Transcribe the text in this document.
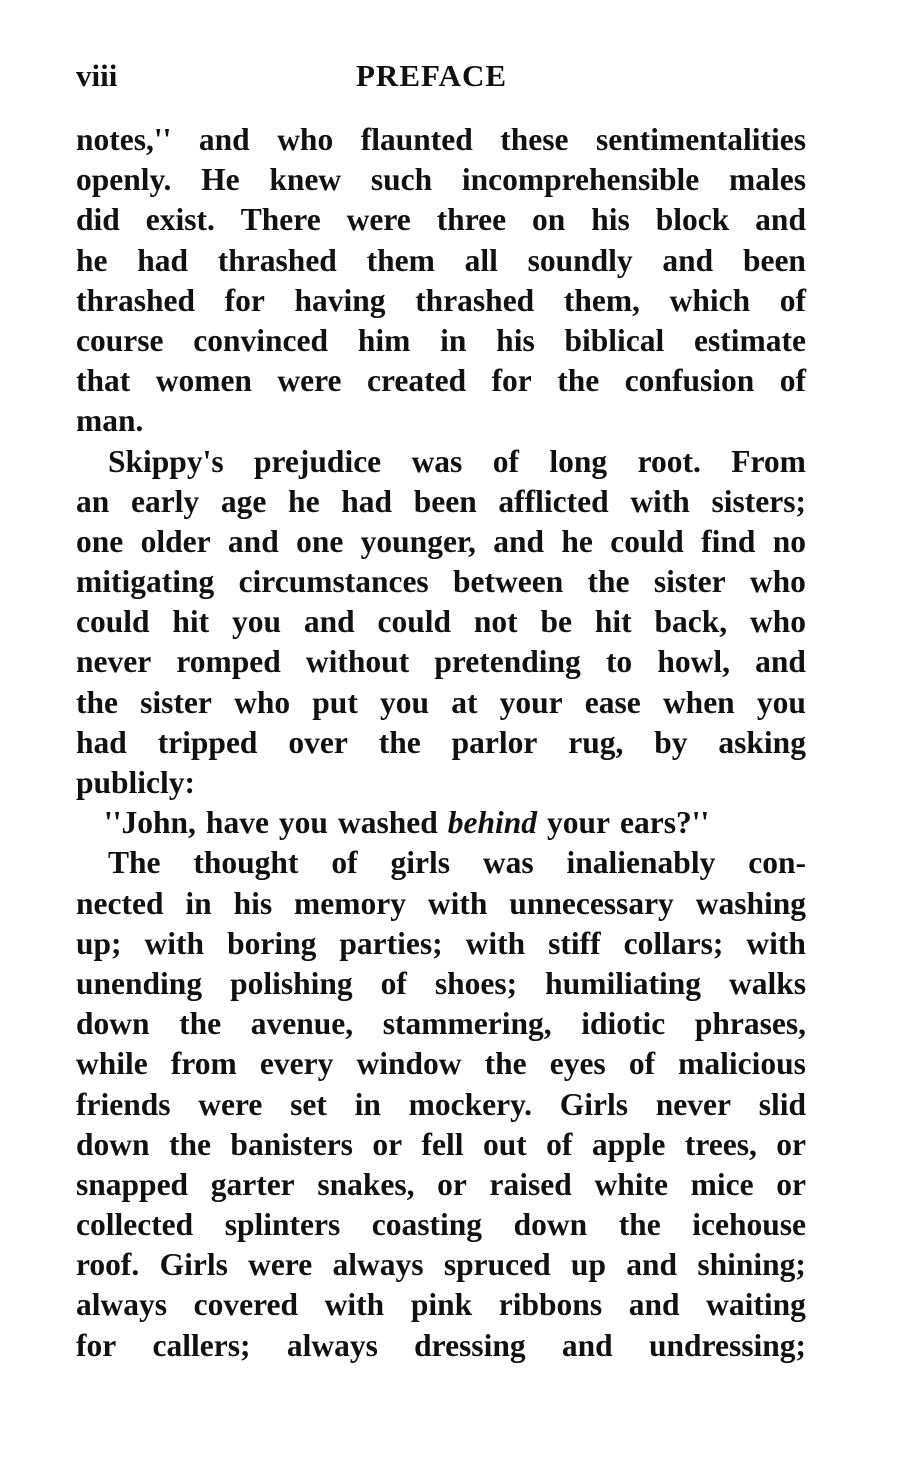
viii	PREFACE
notes,'' and who flaunted these sentimentalities
openly. He knew such incomprehensible males
did exist. There were three on his block and
he had thrashed them all soundly and been
thrashed for having thrashed them, which of
course convinced him in his biblical estimate
that women were created for the confusion of
man.
Skippy's prejudice was of long root. From
an early age he had been afflicted with sisters;
one older and one younger, and he could find no
mitigating circumstances between the sister who
could hit you and could not be hit back, who
never romped without pretending to howl, and
the sister who put you at your ease when you
had tripped over the parlor rug, by asking
publicly:
''John, have you washed behind your ears?''
The thought of girls was inalienably con-
nected in his memory with unnecessary washing
up; with boring parties; with stiff collars; with
unending polishing of shoes; humiliating walks
down the avenue, stammering, idiotic phrases,
while from every window the eyes of malicious
friends were set in mockery. Girls never slid
down the banisters or fell out of apple trees, or
snapped garter snakes, or raised white mice or
collected splinters coasting down the icehouse
roof. Girls were always spruced up and shining;
always covered with pink ribbons and waiting
for callers; always dressing and undressing;
